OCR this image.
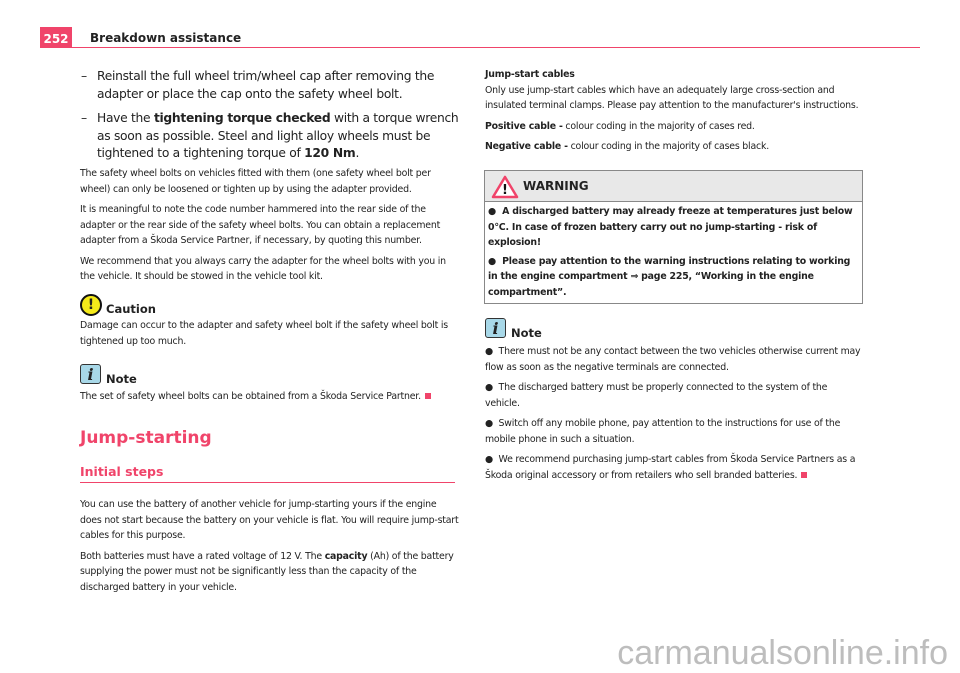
252 Breakdown assistance
– Reinstall the full wheel trim/wheel cap after removing the adapter or place the cap onto the safety wheel bolt.
– Have the tightening torque checked with a torque wrench as soon as possible. Steel and light alloy wheels must be tightened to a tightening torque of 120 Nm.

The safety wheel bolts on vehicles fitted with them (one safety wheel bolt per wheel) can only be loosened or tighten up by using the adapter provided.

It is meaningful to note the code number hammered into the rear side of the adapter or the rear side of the safety wheel bolts. You can obtain a replacement adapter from a Škoda Service Partner, if necessary, by quoting this number.

We recommend that you always carry the adapter for the wheel bolts with you in the vehicle. It should be stowed in the vehicle tool kit.

!	Caution
Damage can occur to the adapter and safety wheel bolt if the safety wheel bolt is tightened up too much.
i	Note
The set of safety wheel bolts can be obtained from a Škoda Service Partner.
Jump-starting
Initial steps

You can use the battery of another vehicle for jump-starting yours if the engine does not start because the battery on your vehicle is flat. You will require jump-start cables for this purpose.

Both batteries must have a rated voltage of 12 V. The capacity (Ah) of the battery supplying the power must not be significantly less than the capacity of the discharged battery in your vehicle.

Jump-start cables

Only use jump-start cables which have an adequately large cross-section and insulated terminal clamps. Please pay attention to the manufacturer's instructions.

Positive cable - colour coding in the majority of cases red.

Negative cable - colour coding in the majority of cases black.

! WARNING

● A discharged battery may already freeze at temperatures just below 0°C. In case of frozen battery carry out no jump-starting - risk of explosion!

● Please pay attention to the warning instructions relating to working in the engine compartment ⇒ page 225, “Working in the engine compartment”.

i	Note

● There must not be any contact between the two vehicles otherwise current may flow as soon as the negative terminals are connected.

● The discharged battery must be properly connected to the system of the vehicle.

● Switch off any mobile phone, pay attention to the instructions for use of the mobile phone in such a situation.

● We recommend purchasing jump-start cables from Škoda Service Partners as a Škoda original accessory or from retailers who sell branded batteries.

carmanualsonline.info
